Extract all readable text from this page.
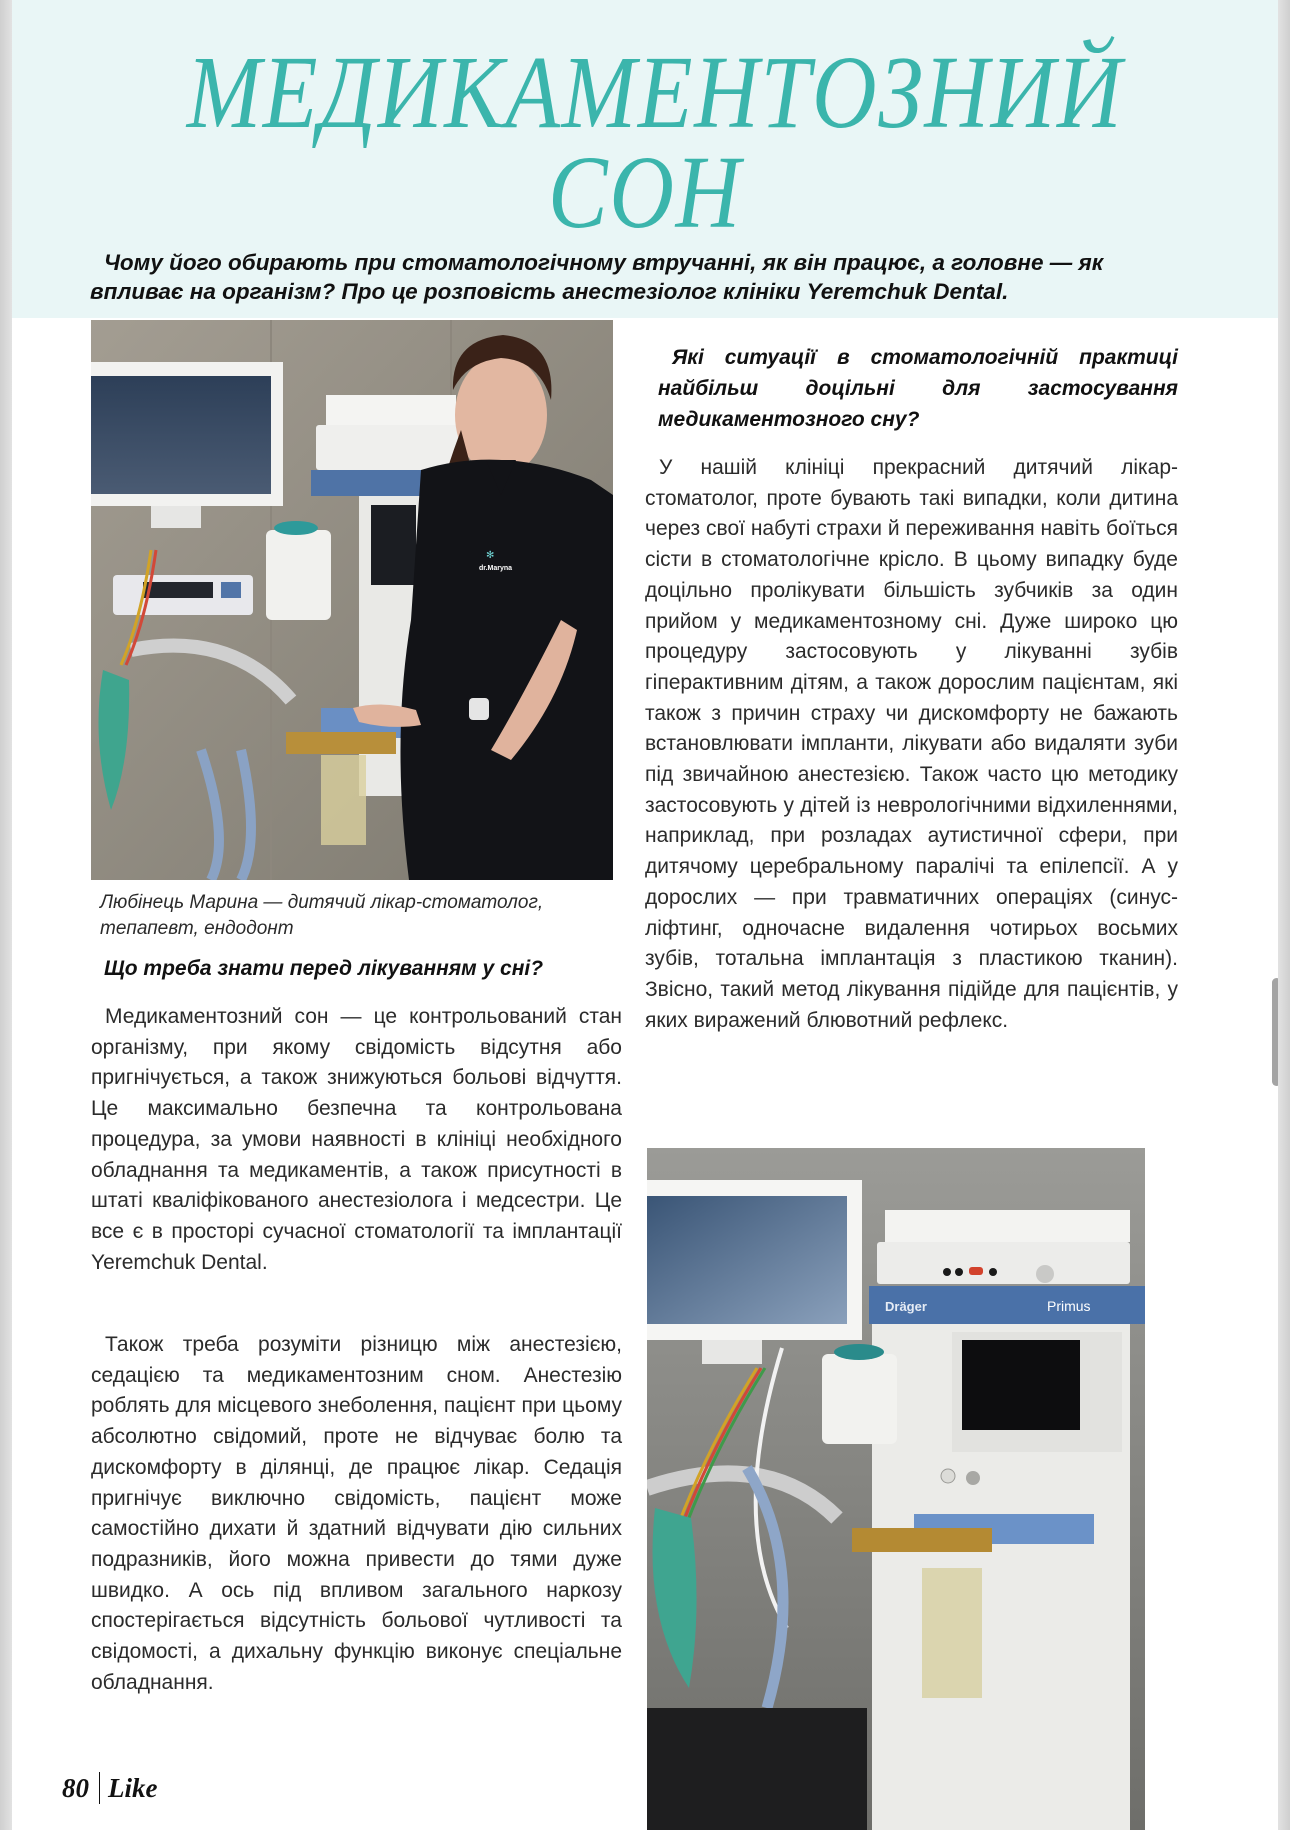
МЕДИКАМЕНТОЗНИЙ
СОН

Чому його обирають при стоматологічному втручанні, як він працює, а головне — як впливає на організм? Про це розповість анестезіолог клініки Yeremchuk Dental.

✻
dr.Maryna

Любінець Марина — дитячий лікар-стоматолог, тепапевт, ендодонт

Що треба знати перед лікуванням у сні?

Медикаментозний сон — це контрольований стан організму, при якому свідомість відсутня або пригнічується, а також знижуються больові відчуття. Це максимально безпечна та контрольована процедура, за умови наявності в клініці необхідного обладнання та медикаментів, а також присутності в штаті кваліфікованого анестезіолога і медсестри. Це все є в просторі сучасної стоматології та імплантації Yeremchuk Dental.

Також треба розуміти різницю між анестезією, седацією та медикаментозним сном. Анестезію роблять для місцевого знеболення, пацієнт при цьому абсолютно свідомий, проте не відчуває болю та дискомфорту в ділянці, де працює лікар. Седація пригнічує виключно свідомість, пацієнт може самостійно дихати й здатний відчувати дію сильних подразників, його можна привести до тями дуже швидко. А ось під впливом загального наркозу спостерігається відсутність больової чутливості та свідомості, а дихальну функцію виконує спеціальне обладнання.

Які ситуації в стоматологічній практиці найбільш доцільні для застосування медикаментозного сну?

У нашій клініці прекрасний дитячий лікар-стоматолог, проте бувають такі випадки, коли дитина через свої набуті страхи й переживання навіть боїться сісти в стоматологічне крісло. В цьому випадку буде доцільно пролікувати більшість зубчиків за один прийом у медикаментозному сні. Дуже широко цю процедуру застосовують у лікуванні зубів гіперактивним дітям, а також дорослим пацієнтам, які також з причин страху чи дискомфорту не бажають встановлювати імпланти, лікувати або видаляти зуби під звичайною анестезією. Також часто цю методику застосовують у дітей із неврологічними відхиленнями, наприклад, при розладах аутистичної сфери, при дитячому церебральному паралічі та епілепсії. А у дорослих — при травматичних операціях (синус-ліфтинг, одночасне видалення чотирьох восьмих зубів, тотальна імплантація з пластикою тканин). Звісно, такий метод лікування підійде для пацієнтів, у яких виражений блювотний рефлекс.

Dräger	Primus
80 Like
